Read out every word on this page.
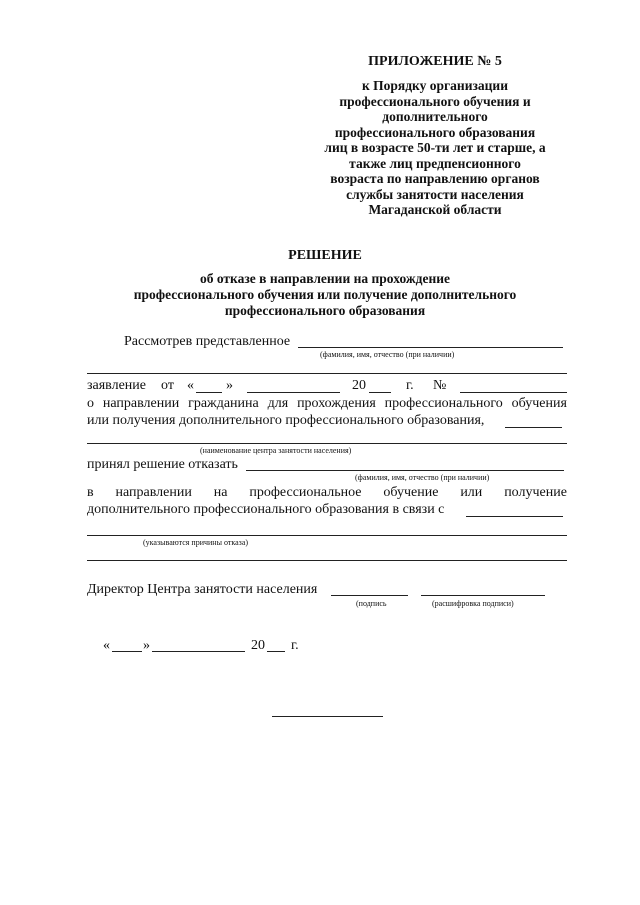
ПРИЛОЖЕНИЕ № 5
к Порядку организации
профессионального обучения и
дополнительного
профессионального образования
лиц в возрасте 50-ти лет и старше, а
также лиц предпенсионного
возраста по направлению органов
службы занятости населения
Магаданской области
РЕШЕНИЕ
об отказе в направлении на прохождение
профессионального обучения или получение дополнительного
профессионального образования
Рассмотрев представленное
(фамилия, имя, отчество (при наличии)
заявление от « »	20	г. №
о направлении гражданина для прохождения профессионального обучения
или получения дополнительного профессионального образования,
(наименование центра занятости населения)
принял решение отказать
(фамилия, имя, отчество (при наличии)
в направлении на профессиональное обучение или получение
дополнительного профессионального образования в связи с
(указываются причины отказа)
Директор Центра занятости населения
(подпись	(расшифровка подписи)
« »	20 г.
